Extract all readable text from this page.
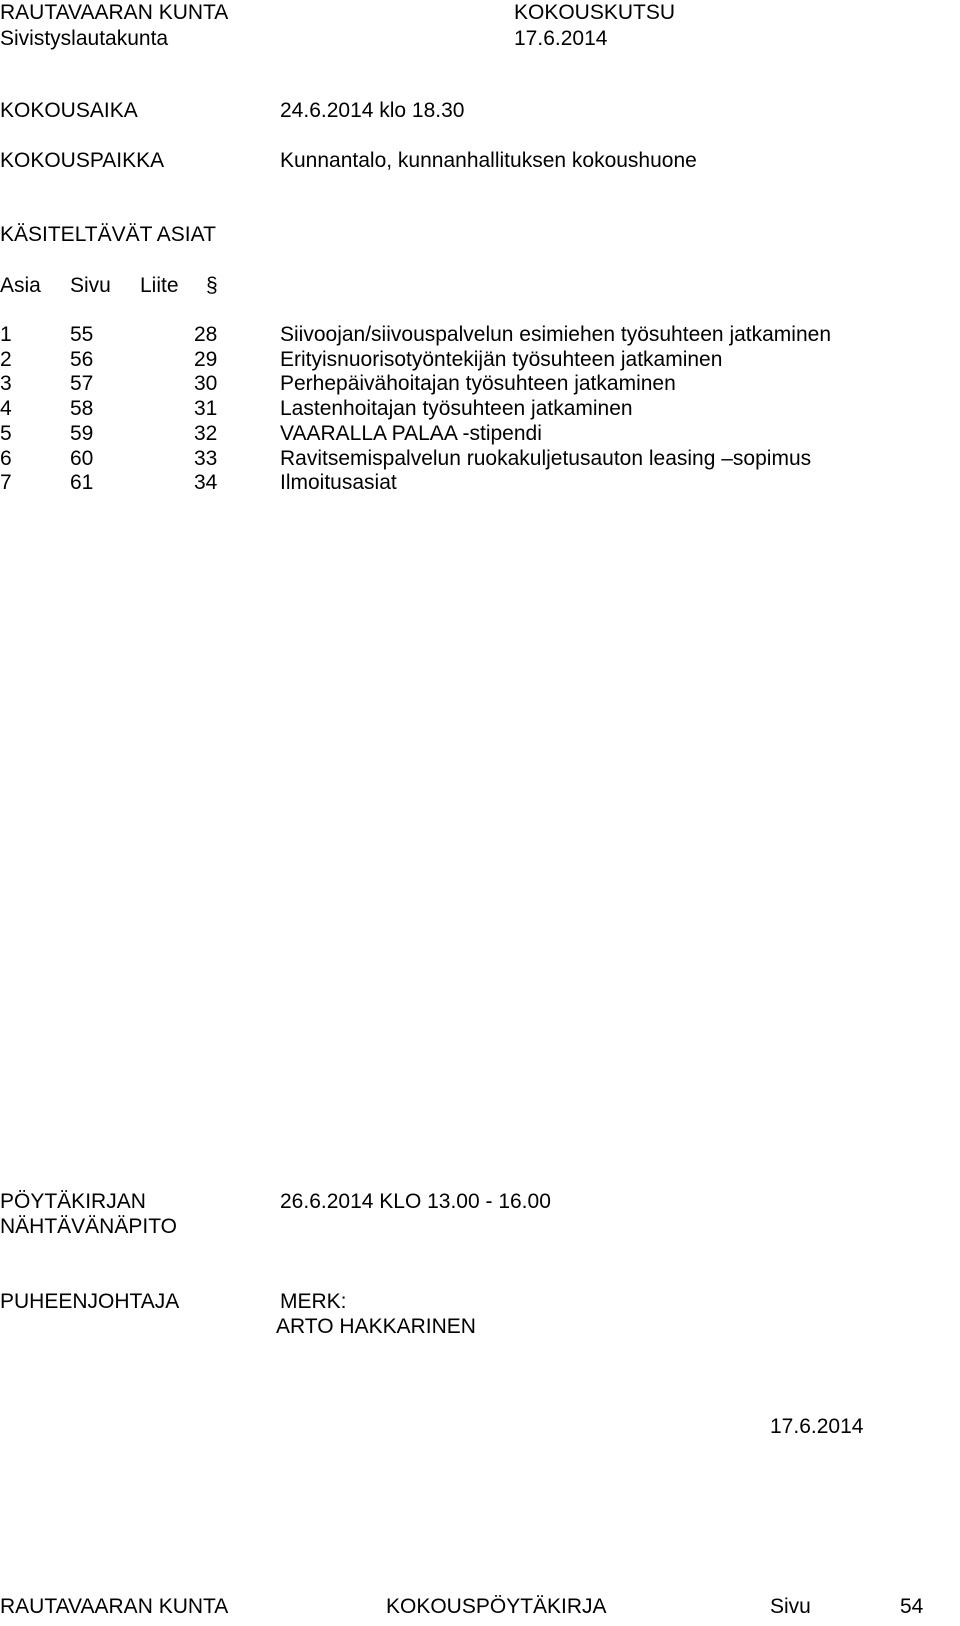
RAUTAVAARAN KUNTA	KOKOUSKUTSU
Sivistyslautakunta	17.6.2014
KOKOUSAIKA	24.6.2014 klo 18.30
KOKOUSPAIKKA	Kunnantalo, kunnanhallituksen kokoushuone
KÄSITELTÄVÄT ASIAT
Asia Sivu Liite §
1	55	28	Siivoojan/siivouspalvelun esimiehen työsuhteen jatkaminen
2	56	29	Erityisnuorisotyöntekijän työsuhteen jatkaminen
3	57	30	Perhepäivähoitajan työsuhteen jatkaminen
4	58	31	Lastenhoitajan työsuhteen jatkaminen
5	59	32	VAARALLA PALAA -stipendi
6	60	33	Ravitsemispalvelun ruokakuljetusauton leasing –sopimus
7	61	34	Ilmoitusasiat
PÖYTÄKIRJAN
NÄHTÄVÄNÄPITO
26.6.2014 KLO 13.00 - 16.00
PUHEENJOHTAJA	MERK:
ARTO HAKKARINEN
17.6.2014
RAUTAVAARAN KUNTA	KOKOUSPÖYTÄKIRJA	Sivu	54
